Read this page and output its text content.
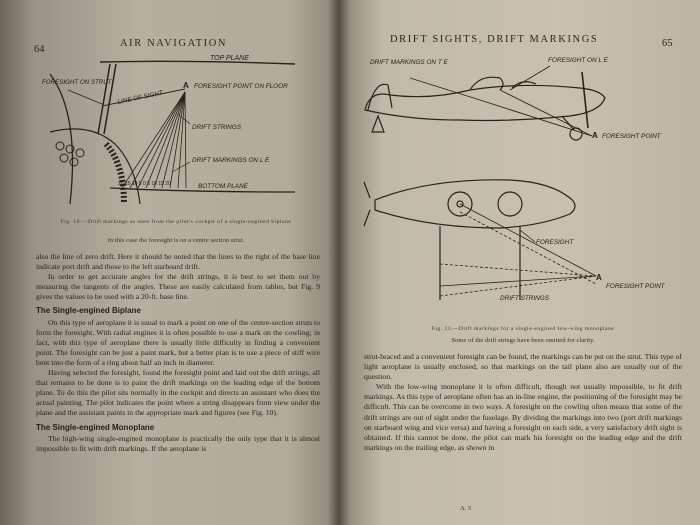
64
AIR NAVIGATION
TOP PLANE
FORESIGHT ON STRUT
LINE OF SIGHT
A FORESIGHT POINT ON FLOOR
DRIFT STRINGS
DRIFT MARKINGS ON L E
20 15 10 5 0 5 10 15 20	BOTTOM PLANE
Fig. 10.—Drift markings as seen from the pilot's cockpit of a single-engined biplane
In this case the foresight is on a centre section strut.

also the line of zero drift. Here it should be noted that the lines to the right of the base line indicate port drift and those to the left starboard drift.

In order to get accurate angles for the drift strings, it is best to set them out by measuring the tangents of the angles. These are easily calculated from tables, but Fig. 9 gives the values to be used with a 20-ft. base line.

The Single-engined Biplane

On this type of aeroplane it is usual to mark a point on one of the centre-section struts to form the foresight. With radial engines it is often possible to use a mark on the cowling; in fact, with this type of aeroplane there is usually little difficulty in finding a convenient point. The foresight can be just a paint mark, but a better plan is to use a piece of stiff wire bent into the form of a ring about half an inch in diameter.

Having selected the foresight, found the foresight point and laid out the drift strings, all that remains to be done is to paint the drift markings on the leading edge of the bottom plane. To do this the pilot sits normally in the cockpit and directs an assistant who does the actual painting. The pilot indicates the point where a string disappears from view under the plane and the assistant paints in the appropriate mark and figures (see Fig. 10).

The Single-engined Monoplane

The high-wing single-engined monoplane is practically the only type that it is almost impossible to fit with drift markings. If the aeroplane is

DRIFT SIGHTS, DRIFT MARKINGS	65
DRIFT MARKINGS ON T E	FORESIGHT ON L E
A FORESIGHT POINT
FORESIGHT
A
FORESIGHT POINT
DRIFT STRINGS
Fig. 11.—Drift markings for a single-engined low-wing monoplane
Some of the drift strings have been omitted for clarity.

strut-braced and a convenient foresight can be found, the markings can be put on the strut. This type of light aeroplane is usually enclosed, so that markings on the tail plane also are usually out of the question.

With the low-wing monoplane it is often difficult, though not usually impossible, to fit drift markings. As this type of aeroplane often has an in-line engine, the positioning of the foresight may be difficult. This can be overcome in two ways. A foresight on the cowling often means that some of the drift strings are out of sight under the fuselage. By dividing the markings into two (port drift markings on starboard wing and vice versa) and having a foresight on each side, a very satisfactory drift sight is obtained. If this cannot be done, the pilot can mark his foresight on the leading edge and the drift markings on the trailing edge, as shown in

A. 5
